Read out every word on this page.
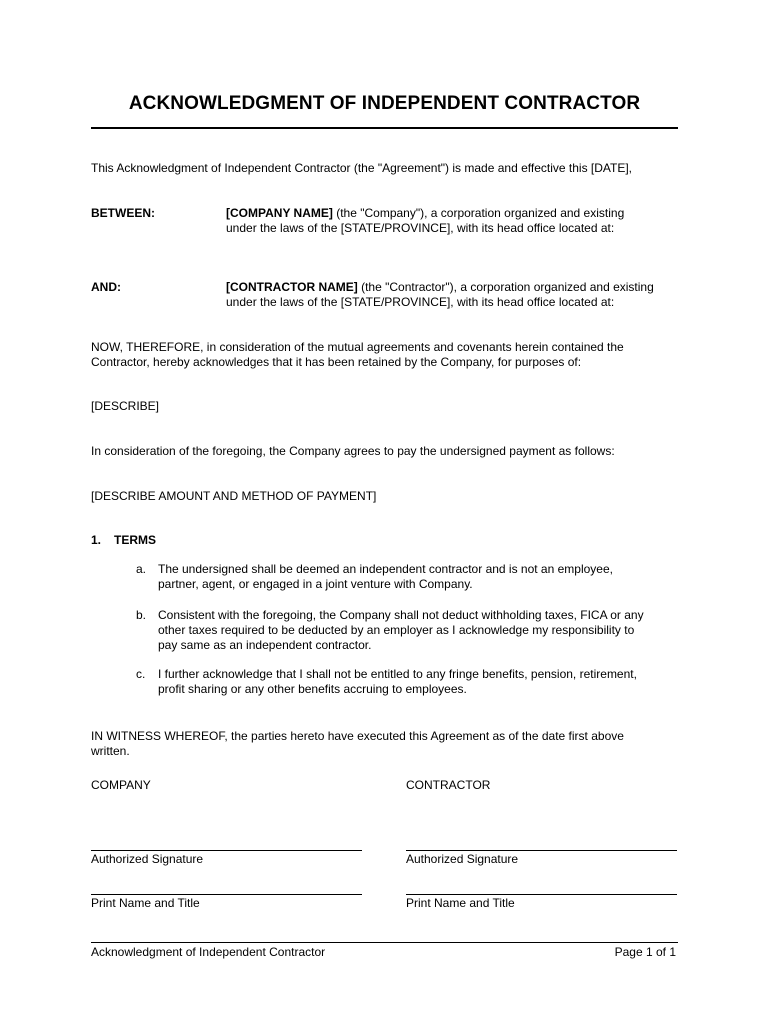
ACKNOWLEDGMENT OF INDEPENDENT CONTRACTOR
This Acknowledgment of Independent Contractor (the "Agreement") is made and effective this [DATE],
BETWEEN:	[COMPANY NAME] (the "Company"), a corporation organized and existing
under the laws of the [STATE/PROVINCE], with its head office located at:
AND:	[CONTRACTOR NAME] (the "Contractor"), a corporation organized and existing
under the laws of the [STATE/PROVINCE], with its head office located at:
NOW, THEREFORE, in consideration of the mutual agreements and covenants herein contained the
Contractor, hereby acknowledges that it has been retained by the Company, for purposes of:
[DESCRIBE]
In consideration of the foregoing, the Company agrees to pay the undersigned payment as follows:
[DESCRIBE AMOUNT AND METHOD OF PAYMENT]
1. TERMS
a. The undersigned shall be deemed an independent contractor and is not an employee,
partner, agent, or engaged in a joint venture with Company.
b. Consistent with the foregoing, the Company shall not deduct withholding taxes, FICA or any
other taxes required to be deducted by an employer as I acknowledge my responsibility to
pay same as an independent contractor.
c. I further acknowledge that I shall not be entitled to any fringe benefits, pension, retirement,
profit sharing or any other benefits accruing to employees.
IN WITNESS WHEREOF, the parties hereto have executed this Agreement as of the date first above
written.
COMPANY	CONTRACTOR
Authorized Signature	Authorized Signature
Print Name and Title	Print Name and Title
Acknowledgment of Independent Contractor	Page 1 of 1
